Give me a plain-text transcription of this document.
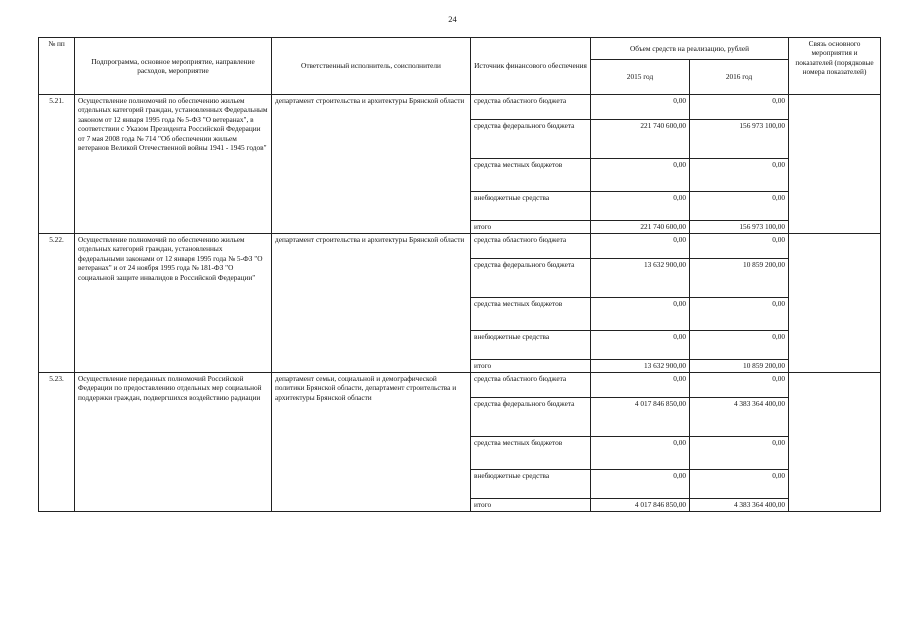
24
№ пп	Подпрограмма, основное мероприятие, направление расходов, мероприятие	Ответственный исполнитель, соисполнители	Источник финансового обеспечения	Объем средств на реализацию, рублей		Связь основного мероприятия и показателей (порядковые номера показателей)
				2015 год	2016 год	
5.21.	Осуществление полномочий по обеспечению жильем отдельных категорий граждан, установленных Федеральным законом от 12 января 1995 года № 5-ФЗ "О ветеранах", в соответствии с Указом Президента Российской Федерации от 7 мая 2008 года № 714 "Об обеспечении жильем ветеранов Великой Отечественной войны 1941 - 1945 годов"	департамент строительства и архитектуры Брянской области	средства областного бюджета	0,00	0,00	
			средства федерального бюджета	221 740 600,00	156 973 100,00	
			средства местных бюджетов	0,00	0,00	
			внебюджетные средства	0,00	0,00	
			итого	221 740 600,00	156 973 100,00	
5.22.	Осуществление полномочий по обеспечению жильем отдельных категорий граждан, установленных федеральными законами от 12 января 1995 года № 5-ФЗ "О ветеранах" и от 24 ноября 1995 года № 181-ФЗ "О социальной защите инвалидов в Российской Федерации"	департамент строительства и архитектуры Брянской области	средства областного бюджета	0,00	0,00	
			средства федерального бюджета	13 632 900,00	10 859 200,00	
			средства местных бюджетов	0,00	0,00	
			внебюджетные средства	0,00	0,00	
			итого	13 632 900,00	10 859 200,00	
5.23.	Осуществление переданных полномочий Российской Федерации по предоставлению отдельных мер социальной поддержки граждан, подвергшихся воздействию радиации	департамент семьи, социальной и демографической политики Брянской области, департамент строительства и архитектуры Брянской области	средства областного бюджета	0,00	0,00	
			средства федерального бюджета	4 017 846 850,00	4 383 364 400,00	
			средства местных бюджетов	0,00	0,00	
			внебюджетные средства	0,00	0,00	
			итого	4 017 846 850,00	4 383 364 400,00	
